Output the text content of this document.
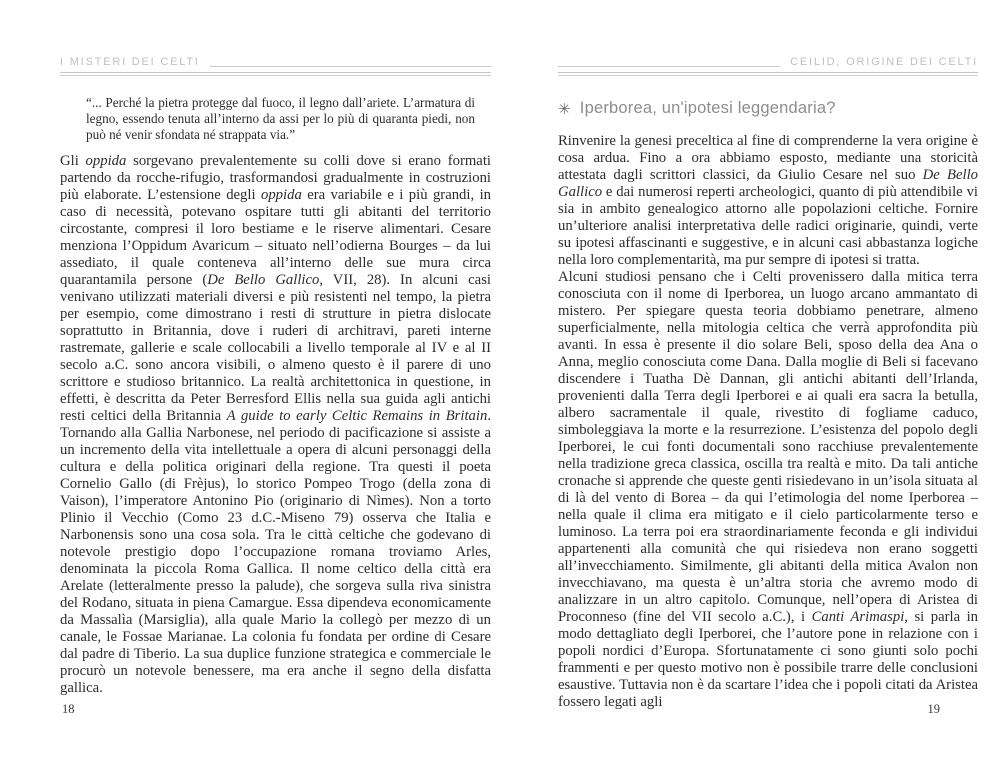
I MISTERI DEI CELTI
“... Perché la pietra protegge dal fuoco, il legno dall’ariete. L’armatura di legno, essendo tenuta all’interno da assi per lo più di quaranta piedi, non può né venir sfondata né strappata via.”

Gli oppida sorgevano prevalentemente su colli dove si erano formati partendo da rocche-rifugio, trasformandosi gradualmente in costruzioni più elaborate. L’estensione degli oppida era variabile e i più grandi, in caso di necessità, potevano ospitare tutti gli abitanti del territorio circostante, compresi il loro bestiame e le riserve alimentari. Cesare menziona l’Oppidum Avaricum – situato nell’odierna Bourges – da lui assediato, il quale conteneva all’interno delle sue mura circa quarantamila persone (De Bello Gallico, VII, 28). In alcuni casi venivano utilizzati materiali diversi e più resistenti nel tempo, la pietra per esempio, come dimostrano i resti di strutture in pietra dislocate soprattutto in Britannia, dove i ruderi di architravi, pareti interne rastremate, gallerie e scale collocabili a livello temporale al IV e al II secolo a.C. sono ancora visibili, o almeno questo è il parere di uno scrittore e studioso britannico. La realtà architettonica in questione, in effetti, è descritta da Peter Berresford Ellis nella sua guida agli antichi resti celtici della Britannia A guide to early Celtic Remains in Britain. Tornando alla Gallia Narbonese, nel periodo di pacificazione si assiste a un incremento della vita intellettuale a opera di alcuni personaggi della cultura e della politica originari della regione. Tra questi il poeta Cornelio Gallo (di Frèjus), lo storico Pompeo Trogo (della zona di Vaison), l’imperatore Antonino Pio (originario di Nìmes). Non a torto Plinio il Vecchio (Como 23 d.C.-Miseno 79) osserva che Italia e Narbonensis sono una cosa sola. Tra le città celtiche che godevano di notevole prestigio dopo l’occupazione romana troviamo Arles, denominata la piccola Roma Gallica. Il nome celtico della città era Arelate (letteralmente presso la palude), che sorgeva sulla riva sinistra del Rodano, situata in piena Camargue. Essa dipendeva economicamente da Massalìa (Marsiglia), alla quale Mario la collegò per mezzo di un canale, le Fossae Marianae. La colonia fu fondata per ordine di Cesare dal padre di Tiberio. La sua duplice funzione strategica e commerciale le procurò un notevole benessere, ma era anche il segno della disfatta gallica.

CEILID, ORIGINE DEI CELTI
✳ Iperborea, un'ipotesi leggendaria?

Rinvenire la genesi preceltica al fine di comprenderne la vera origine è cosa ardua. Fino a ora abbiamo esposto, mediante una storicità attestata dagli scrittori classici, da Giulio Cesare nel suo De Bello Gallico e dai numerosi reperti archeologici, quanto di più attendibile vi sia in ambito genealogico attorno alle popolazioni celtiche. Fornire un’ulteriore analisi interpretativa delle radici originarie, quindi, verte su ipotesi affascinanti e suggestive, e in alcuni casi abbastanza logiche nella loro complementarità, ma pur sempre di ipotesi si tratta.

Alcuni studiosi pensano che i Celti provenissero dalla mitica terra conosciuta con il nome di Iperborea, un luogo arcano ammantato di mistero. Per spiegare questa teoria dobbiamo penetrare, almeno superficialmente, nella mitologia celtica che verrà approfondita più avanti. In essa è presente il dio solare Beli, sposo della dea Ana o Anna, meglio conosciuta come Dana. Dalla moglie di Beli si facevano discendere i Tuatha Dè Dannan, gli antichi abitanti dell’Irlanda, provenienti dalla Terra degli Iperborei e ai quali era sacra la betulla, albero sacramentale il quale, rivestito di fogliame caduco, simboleggiava la morte e la resurrezione. L’esistenza del popolo degli Iperborei, le cui fonti documentali sono racchiuse prevalentemente nella tradizione greca classica, oscilla tra realtà e mito. Da tali antiche cronache si apprende che queste genti risiedevano in un’isola situata al di là del vento di Borea – da qui l’etimologia del nome Iperborea – nella quale il clima era mitigato e il cielo particolarmente terso e luminoso. La terra poi era straordinariamente feconda e gli individui appartenenti alla comunità che qui risiedeva non erano soggetti all’invecchiamento. Similmente, gli abitanti della mitica Avalon non invecchiavano, ma questa è un’altra storia che avremo modo di analizzare in un altro capitolo. Comunque, nell’opera di Aristea di Proconneso (fine del VII secolo a.C.), i Canti Arimaspi, si parla in modo dettagliato degli Iperborei, che l’autore pone in relazione con i popoli nordici d’Europa. Sfortunatamente ci sono giunti solo pochi frammenti e per questo motivo non è possibile trarre delle conclusioni esaustive. Tuttavia non è da scartare l’idea che i popoli citati da Aristea fossero legati agli

18	19
